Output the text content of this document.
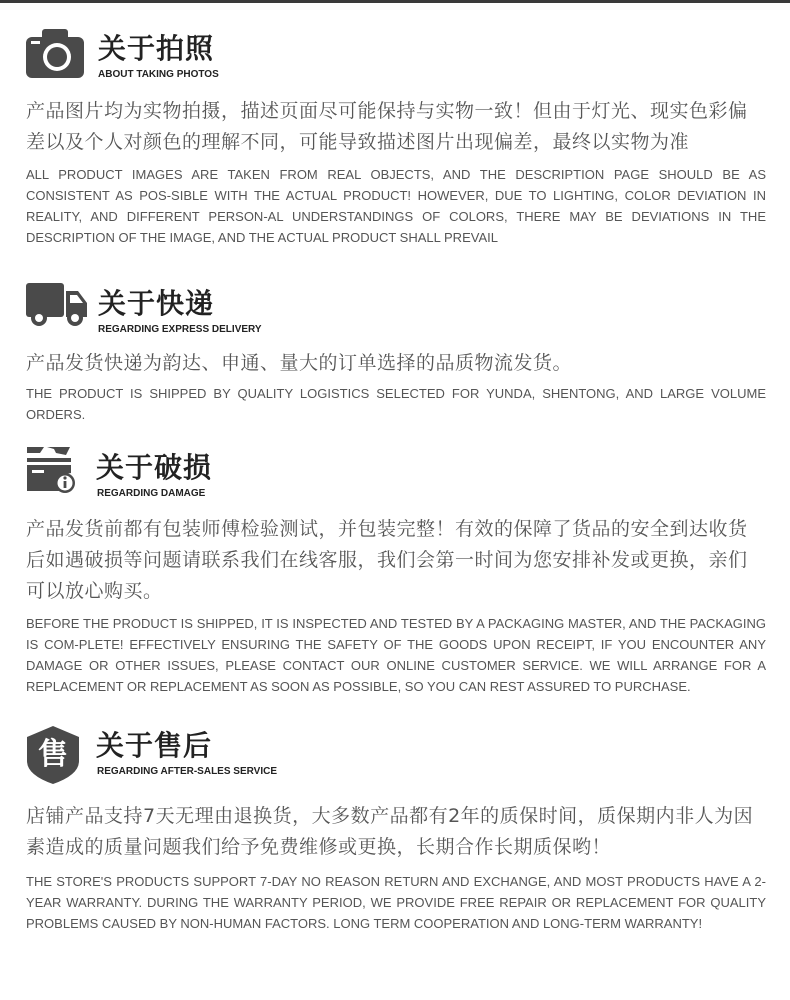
关于拍照
ABOUT TAKING PHOTOS
产品图片均为实物拍摄，描述页面尽可能保持与实物一致！但由于灯光、现实色彩偏差以及个人对颜色的理解不同，可能导致描述图片出现偏差，最终以实物为准
ALL PRODUCT IMAGES ARE TAKEN FROM REAL OBJECTS, AND THE DESCRIPTION PAGE SHOULD BE AS CONSISTENT AS POS-SIBLE WITH THE ACTUAL PRODUCT! HOWEVER, DUE TO LIGHTING, COLOR DEVIATION IN REALITY, AND DIFFERENT PERSON-AL UNDERSTANDINGS OF COLORS, THERE MAY BE DEVIATIONS IN THE DESCRIPTION OF THE IMAGE, AND THE ACTUAL PRODUCT SHALL PREVAIL
关于快递
REGARDING EXPRESS DELIVERY
产品发货快递为韵达、申通、量大的订单选择的品质物流发货。
THE PRODUCT IS SHIPPED BY QUALITY LOGISTICS SELECTED FOR YUNDA, SHENTONG, AND LARGE VOLUME ORDERS.
关于破损
REGARDING DAMAGE
产品发货前都有包装师傅检验测试，并包装完整！有效的保障了货品的安全到达收货后如遇破损等问题请联系我们在线客服，我们会第一时间为您安排补发或更换，亲们可以放心购买。
BEFORE THE PRODUCT IS SHIPPED, IT IS INSPECTED AND TESTED BY A PACKAGING MASTER, AND THE PACKAGING IS COM-PLETE! EFFECTIVELY ENSURING THE SAFETY OF THE GOODS UPON RECEIPT, IF YOU ENCOUNTER ANY DAMAGE OR OTHER ISSUES, PLEASE CONTACT OUR ONLINE CUSTOMER SERVICE. WE WILL ARRANGE FOR A REPLACEMENT OR REPLACEMENT AS SOON AS POSSIBLE, SO YOU CAN REST ASSURED TO PURCHASE.
售 关于售后
REGARDING AFTER-SALES SERVICE
店铺产品支持7天无理由退换货，大多数产品都有2年的质保时间，质保期内非人为因素造成的质量问题我们给予免费维修或更换，长期合作长期质保哟！
THE STORE'S PRODUCTS SUPPORT 7-DAY NO REASON RETURN AND EXCHANGE, AND MOST PRODUCTS HAVE A 2-YEAR WARRANTY. DURING THE WARRANTY PERIOD, WE PROVIDE FREE REPAIR OR REPLACEMENT FOR QUALITY PROBLEMS CAUSED BY NON-HUMAN FACTORS. LONG TERM COOPERATION AND LONG-TERM WARRANTY!
